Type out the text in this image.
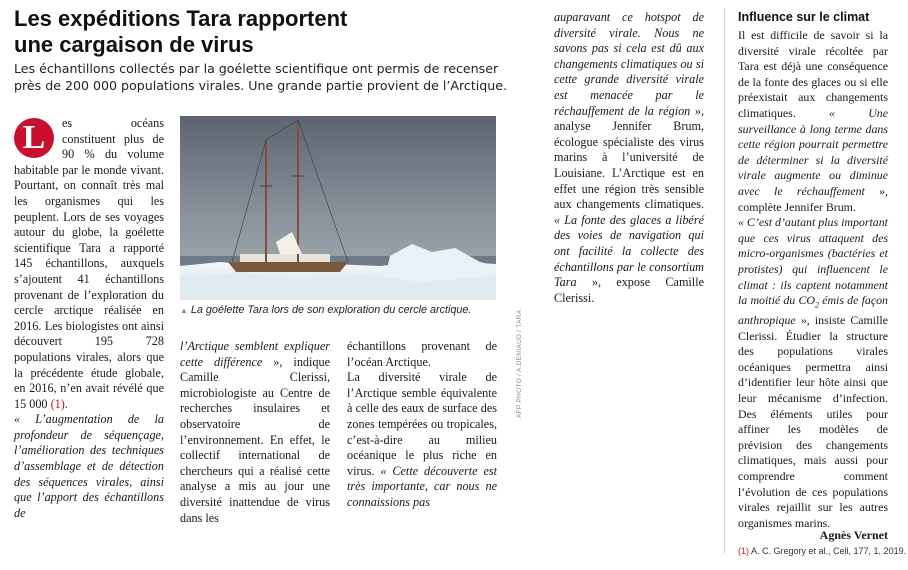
Les expéditions Tara rapportent
une cargaison de virus
Les échantillons collectés par la goélette scientifique ont permis de recenser près de 200 000 populations virales. Une grande partie provient de l’Arctique.
L	es océans constituent plus de 90 % du volume habitable par le monde vivant. Pourtant, on connaît très mal les organismes qui les peuplent. Lors de ses voyages autour du globe, la goélette scientifique Tara a rapporté 145 échantillons, auxquels s’ajoutent 41 échantillons provenant de l’exploration du cercle arctique réalisée en 2016. Les biologistes ont ainsi découvert 195 728 populations virales, alors que la précédente étude globale, en 2016, n’en avait révélé que 15 000 (1).

« L’augmentation de la profondeur de séquençage, l’amélioration des techniques d’assemblage et de détection des séquences virales, ainsi que l’apport des échantillons de

▲ La goélette Tara lors de son exploration du cercle arctique.

l’Arctique semblent expliquer cette différence », indique Camille Clerissi, microbiologiste au Centre de recherches insulaires et observatoire de l’environnement. En effet, le collectif international de chercheurs qui a réalisé cette analyse a mis au jour une diversité inattendue de virus dans les

échantillons provenant de l’océan Arctique.

La diversité virale de l’Arctique semble équivalente à celle des eaux de surface des zones tempérées ou tropicales, c’est-à-dire au milieu océanique le plus riche en virus. « Cette découverte est très importante, car nous ne connaissions pas

AFP PHOTO / A.DENIAUD / TARA

auparavant ce hotspot de diversité virale. Nous ne savons pas si cela est dû aux changements climatiques ou si cette grande diversité virale est menacée par le réchauffement de la région », analyse Jennifer Brum, écologue spécialiste des virus marins à l’université de Louisiane. L’Arctique est en effet une région très sensible aux changements climatiques. « La fonte des glaces a libéré des voies de navigation qui ont facilité la collecte des échantillons par le consortium Tara », expose Camille Clerissi.

Influence sur le climat

Il est difficile de savoir si la diversité virale récoltée par Tara est déjà une conséquence de la fonte des glaces ou si elle préexistait aux changements climatiques. « Une surveillance à long terme dans cette région pourrait permettre de déterminer si la diversité virale augmente ou diminue avec le réchauffement », complète Jennifer Brum.

« C’est d’autant plus important que ces virus attaquent des micro-organismes (bactéries et protistes) qui influencent le climat : ils captent notamment la moitié du $CO_2$ émis de façon anthropique », insiste Camille Clerissi. Étudier la structure des populations virales océaniques permettra ainsi d’identifier leur hôte ainsi que leur mécanisme d’infection. Des éléments utiles pour affiner les modèles de prévision des changements climatiques, mais aussi pour comprendre comment l’évolution de ces populations virales rejaillit sur les autres organismes marins.

Agnès Vernet
(1) A. C. Gregory et al., Cell, 177, 1, 2019.
